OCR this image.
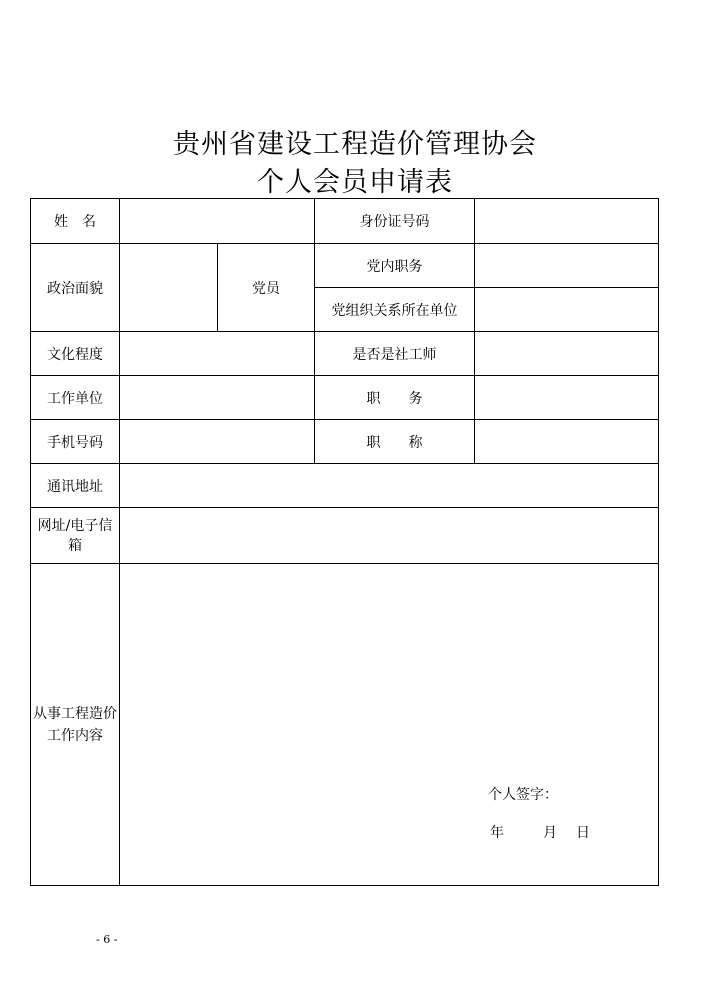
贵州省建设工程造价管理协会
个人会员申请表
姓　名			身份证号码	
政治面貌		党员	党内职务	
			党组织关系所在单位	
文化程度			是否是社工师	
工作单位			职　　务	
手机号码			职　　称	
通讯地址				
网址/电子信箱				
从事工程造价工作内容	个人签字：
年 月 日			
- 6 -
